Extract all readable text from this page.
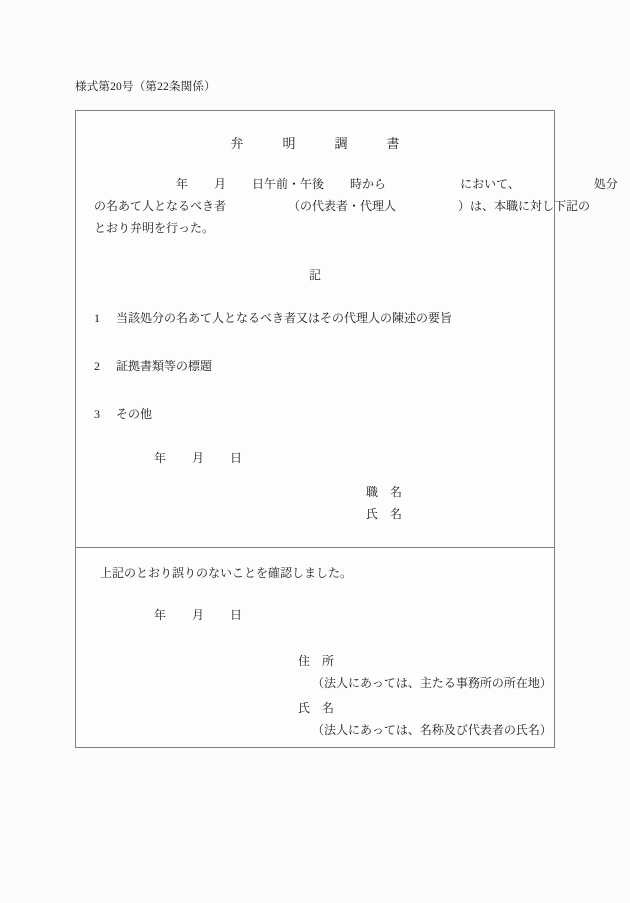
様式第20号（第22条関係）
弁　明　調　書
年 月 日午前・午後 時から	において、	処分
の名あて人となるべき者	（の代表者・代理人	）は、本職に対し下記の
とおり弁明を行った。
記
1 当該処分の名あて人となるべき者又はその代理人の陳述の要旨
2 証拠書類等の標題
3 その他
年 月 日
職　名
氏　名
上記のとおり誤りのないことを確認しました。
年 月 日
住　所
（法人にあっては、主たる事務所の所在地）
氏　名
（法人にあっては、名称及び代表者の氏名）
